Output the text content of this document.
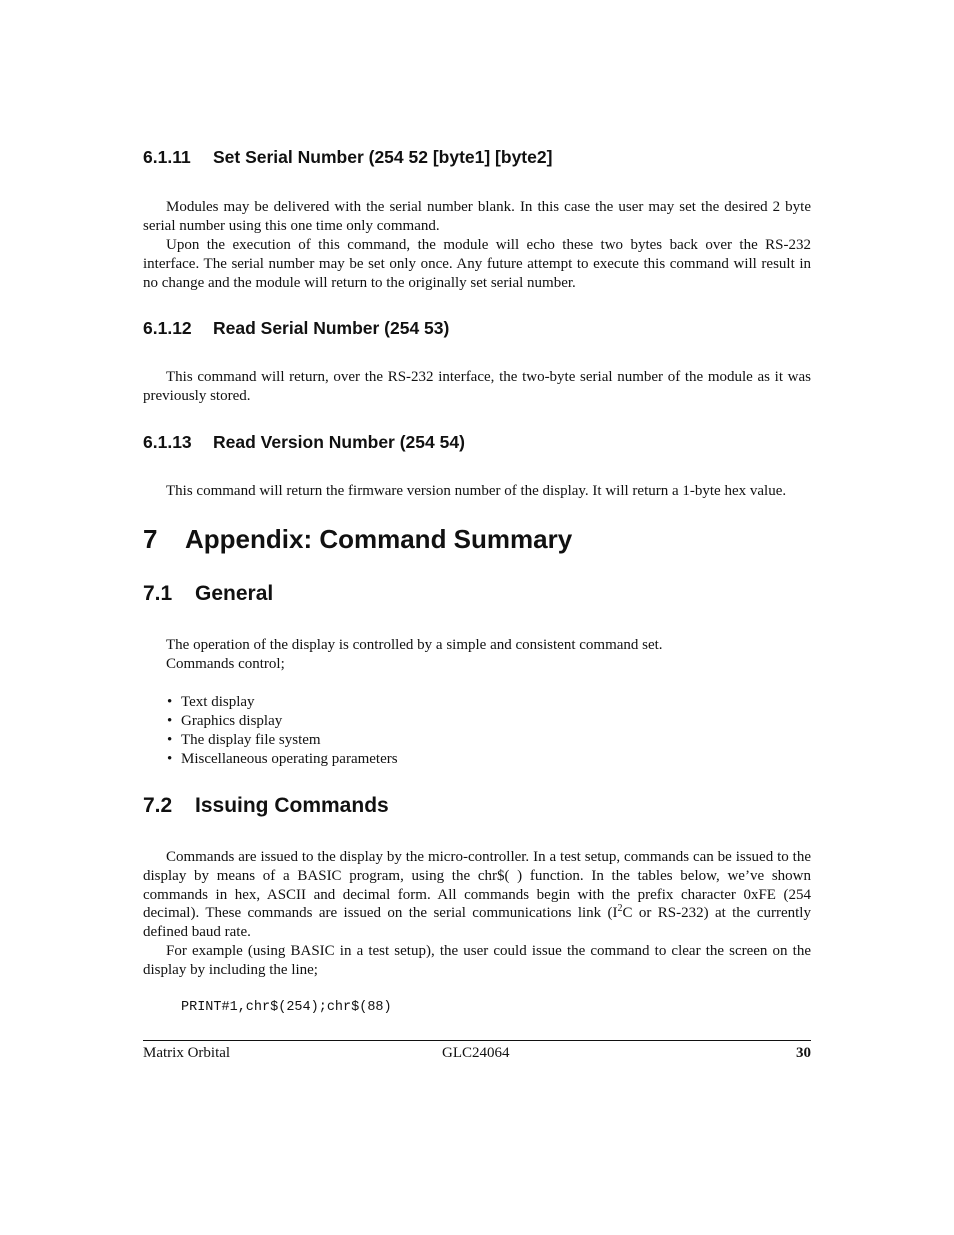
6.1.11 Set Serial Number (254 52 [byte1] [byte2]
Modules may be delivered with the serial number blank. In this case the user may set the desired 2 byte serial number using this one time only command.
Upon the execution of this command, the module will echo these two bytes back over the RS-232 interface. The serial number may be set only once. Any future attempt to execute this command will result in no change and the module will return to the originally set serial number.
6.1.12 Read Serial Number (254 53)
This command will return, over the RS-232 interface, the two-byte serial number of the module as it was previously stored.
6.1.13 Read Version Number (254 54)
This command will return the firmware version number of the display. It will return a 1-byte hex value.
7 Appendix: Command Summary
7.1 General
The operation of the display is controlled by a simple and consistent command set.
Commands control;
• Text display
• Graphics display
• The display file system
• Miscellaneous operating parameters
7.2 Issuing Commands
Commands are issued to the display by the micro-controller. In a test setup, commands can be issued to the display by means of a BASIC program, using the chr$( ) function. In the tables below, we’ve shown commands in hex, ASCII and decimal form. All commands begin with the prefix character 0xFE (254 decimal). These commands are issued on the serial communications link ($I^2C$ or RS-232) at the currently defined baud rate.
For example (using BASIC in a test setup), the user could issue the command to clear the screen on the display by including the line;
PRINT#1,chr$(254);chr$(88)
Matrix Orbital	GLC24064	30
